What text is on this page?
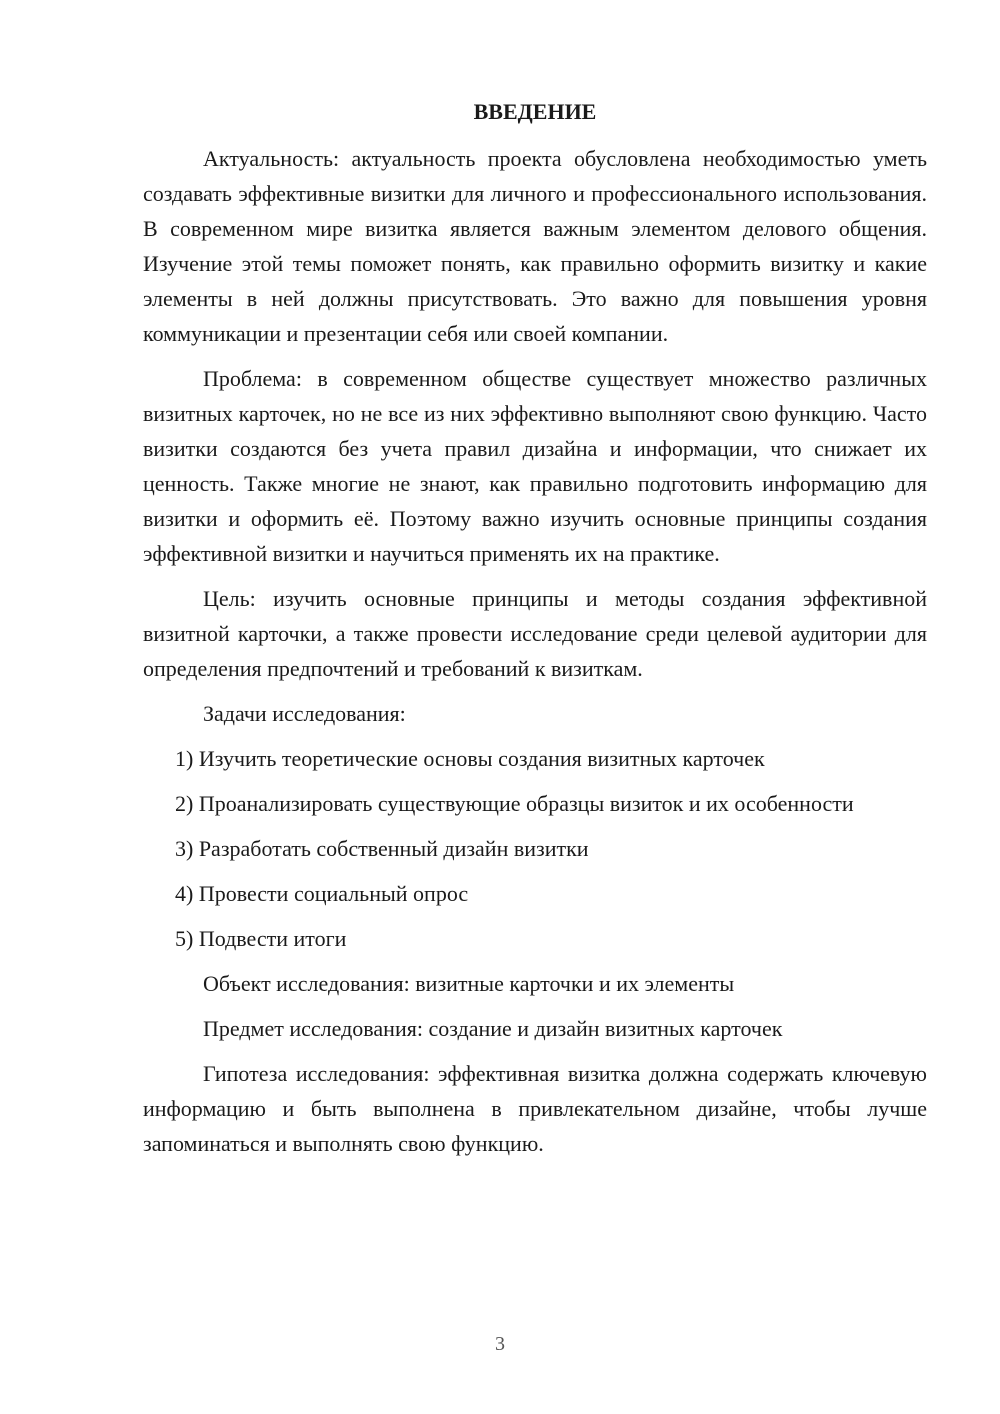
ВВЕДЕНИЕ

Актуальность: актуальность проекта обусловлена необходимостью уметь создавать эффективные визитки для личного и профессионального использования. В современном мире визитка является важным элементом делового общения. Изучение этой темы поможет понять, как правильно оформить визитку и какие элементы в ней должны присутствовать. Это важно для повышения уровня коммуникации и презентации себя или своей компании.

Проблема: в современном обществе существует множество различных визитных карточек, но не все из них эффективно выполняют свою функцию. Часто визитки создаются без учета правил дизайна и информации, что снижает их ценность. Также многие не знают, как правильно подготовить информацию для визитки и оформить её. Поэтому важно изучить основные принципы создания эффективной визитки и научиться применять их на практике.

Цель: изучить основные принципы и методы создания эффективной визитной карточки, а также провести исследование среди целевой аудитории для определения предпочтений и требований к визиткам.

Задачи исследования:

1) Изучить теоретические основы создания визитных карточек

2) Проанализировать существующие образцы визиток и их особенности

3) Разработать собственный дизайн визитки

4) Провести социальный опрос

5) Подвести итоги

Объект исследования: визитные карточки и их элементы

Предмет исследования: создание и дизайн визитных карточек

Гипотеза исследования: эффективная визитка должна содержать ключевую информацию и быть выполнена в привлекательном дизайне, чтобы лучше запоминаться и выполнять свою функцию.

3
